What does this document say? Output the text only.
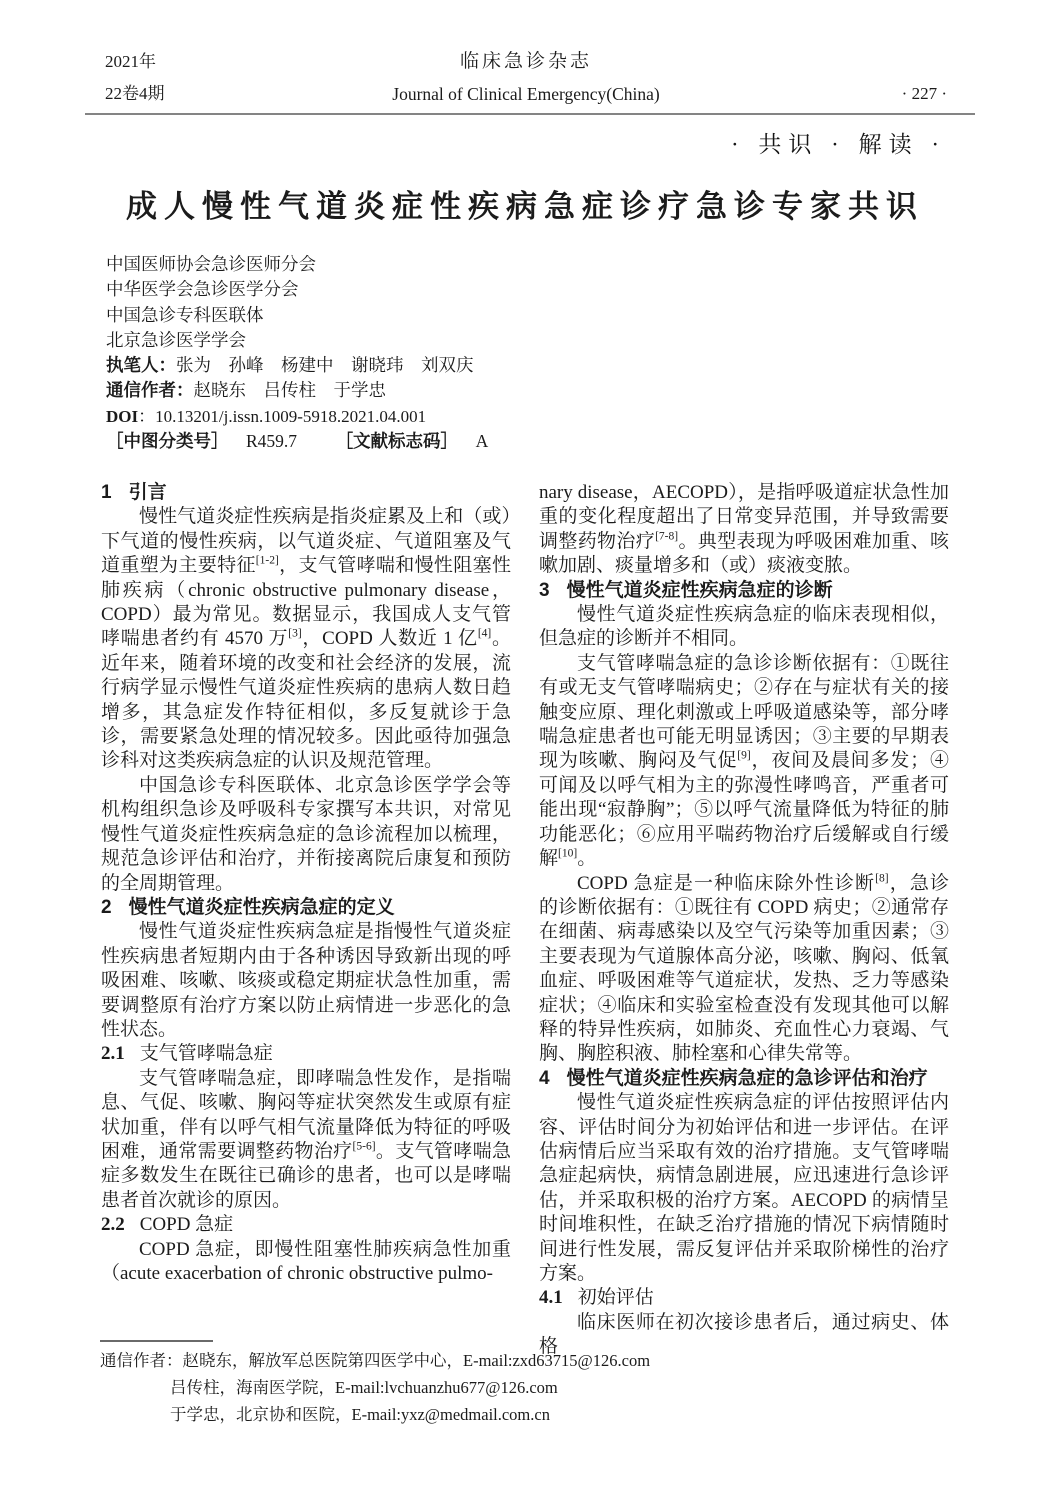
2021年
22卷4期
临床急诊杂志
Journal of Clinical Emergency(China)	· 227 ·
· 共识 · 解读 ·
成人慢性气道炎症性疾病急症诊疗急诊专家共识
中国医师协会急诊医师分会
中华医学会急诊医学分会
中国急诊专科医联体
北京急诊医学学会
执笔人：张为　孙峰　杨建中　谢晓玮　刘双庆
通信作者：赵晓东　吕传柱　于学忠
DOI：10.13201/j.issn.1009-5918.2021.04.001
［中图分类号］ R459.7 ［文献标志码］ A
1 引言

慢性气道炎症性疾病是指炎症累及上和（或）下气道的慢性疾病，以气道炎症、气道阻塞及气道重塑为主要特征[1-2]，支气管哮喘和慢性阻塞性肺疾病（chronic obstructive pulmonary disease，COPD）最为常见。数据显示，我国成人支气管哮喘患者约有 4570 万[3]，COPD 人数近 1 亿[4]。近年来，随着环境的改变和社会经济的发展，流行病学显示慢性气道炎症性疾病的患病人数日趋增多，其急症发作特征相似，多反复就诊于急诊，需要紧急处理的情况较多。因此亟待加强急诊科对这类疾病急症的认识及规范管理。

中国急诊专科医联体、北京急诊医学学会等机构组织急诊及呼吸科专家撰写本共识，对常见慢性气道炎症性疾病急症的急诊流程加以梳理，规范急诊评估和治疗，并衔接离院后康复和预防的全周期管理。

2 慢性气道炎症性疾病急症的定义

慢性气道炎症性疾病急症是指慢性气道炎症性疾病患者短期内由于各种诱因导致新出现的呼吸困难、咳嗽、咳痰或稳定期症状急性加重，需要调整原有治疗方案以防止病情进一步恶化的急性状态。

2.1 支气管哮喘急症

支气管哮喘急症，即哮喘急性发作，是指喘息、气促、咳嗽、胸闷等症状突然发生或原有症状加重，伴有以呼气相气流量降低为特征的呼吸困难，通常需要调整药物治疗[5-6]。支气管哮喘急症多数发生在既往已确诊的患者，也可以是哮喘患者首次就诊的原因。

2.2 COPD 急症

COPD 急症，即慢性阻塞性肺疾病急性加重（acute exacerbation of chronic obstructive pulmo-

nary disease，AECOPD），是指呼吸道症状急性加重的变化程度超出了日常变异范围，并导致需要调整药物治疗[7-8]。典型表现为呼吸困难加重、咳嗽加剧、痰量增多和（或）痰液变脓。

3 慢性气道炎症性疾病急症的诊断

慢性气道炎症性疾病急症的临床表现相似，但急症的诊断并不相同。

支气管哮喘急症的急诊诊断依据有：①既往有或无支气管哮喘病史；②存在与症状有关的接触变应原、理化刺激或上呼吸道感染等，部分哮喘急症患者也可能无明显诱因；③主要的早期表现为咳嗽、胸闷及气促[9]，夜间及晨间多发；④可闻及以呼气相为主的弥漫性哮鸣音，严重者可能出现“寂静胸”；⑤以呼气流量降低为特征的肺功能恶化；⑥应用平喘药物治疗后缓解或自行缓解[10]。

COPD 急症是一种临床除外性诊断[8]，急诊的诊断依据有：①既往有 COPD 病史；②通常存在细菌、病毒感染以及空气污染等加重因素；③主要表现为气道腺体高分泌，咳嗽、胸闷、低氧血症、呼吸困难等气道症状，发热、乏力等感染症状；④临床和实验室检查没有发现其他可以解释的特异性疾病，如肺炎、充血性心力衰竭、气胸、胸腔积液、肺栓塞和心律失常等。

4 慢性气道炎症性疾病急症的急诊评估和治疗

慢性气道炎症性疾病急症的评估按照评估内容、评估时间分为初始评估和进一步评估。在评估病情后应当采取有效的治疗措施。支气管哮喘急症起病快，病情急剧进展，应迅速进行急诊评估，并采取积极的治疗方案。AECOPD 的病情呈时间堆积性，在缺乏治疗措施的情况下病情随时间进行性发展，需反复评估并采取阶梯性的治疗方案。

4.1 初始评估

临床医师在初次接诊患者后，通过病史、体格

通信作者：赵晓东，解放军总医院第四医学中心，E-mail:zxd63715@126.com
吕传柱，海南医学院，E-mail:lvchuanzhu677@126.com
于学忠，北京协和医院，E-mail:yxz@medmail.com.cn
